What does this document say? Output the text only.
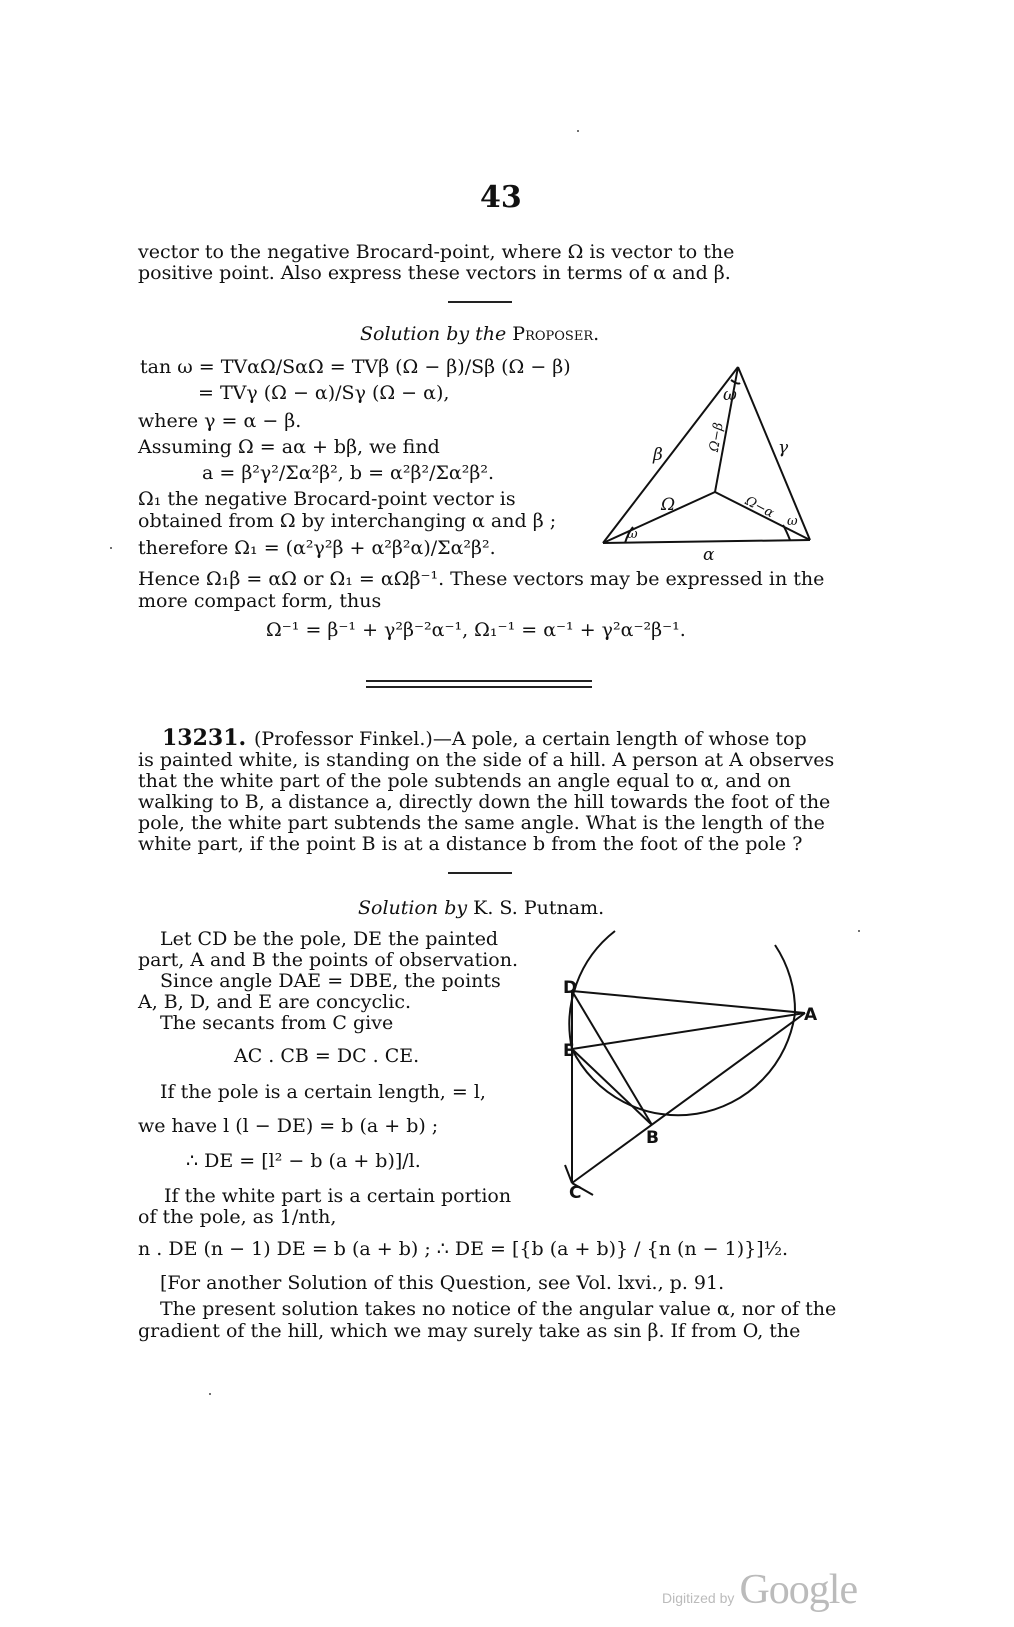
43
vector to the negative Brocard-point, where Ω is vector to the
positive point. Also express these vectors in terms of α and β.
Solution by the Proposer.
tan ω = TVαΩ/SαΩ = TVβ (Ω − β)/Sβ (Ω − β)
= TVγ (Ω − α)/Sγ (Ω − α),
where γ = α − β.
Assuming Ω = aα + bβ, we find
a = β²γ²/Σα²β², b = α²β²/Σα²β².
Ω₁ the negative Brocard-point vector is
obtained from Ω by interchanging α and β ;
therefore Ω₁ = (α²γ²β + α²β²α)/Σα²β².
Hence Ω₁β = αΩ or Ω₁ = αΩβ⁻¹. These vectors may be expressed in the
more compact form, thus
Ω⁻¹ = β⁻¹ + γ²β⁻²α⁻¹, Ω₁⁻¹ = α⁻¹ + γ²α⁻²β⁻¹.
ω
β	γ
α
Ω
Ω−β
Ω−α
ω
ω
13231. (Professor Finkel.)—A pole, a certain length of whose top
is painted white, is standing on the side of a hill. A person at A observes
that the white part of the pole subtends an angle equal to α, and on
walking to B, a distance a, directly down the hill towards the foot of the
pole, the white part subtends the same angle. What is the length of the
white part, if the point B is at a distance b from the foot of the pole ?
Solution by K. S. Putnam.
Let CD be the pole, DE the painted
part, A and B the points of observation.
Since angle DAE = DBE, the points
A, B, D, and E are concyclic.
The secants from C give
AC . CB = DC . CE.
If the pole is a certain length, = l,
we have l (l − DE) = b (a + b) ;
∴ DE = [l² − b (a + b)]/l.
If the white part is a certain portion
of the pole, as 1/nth,
n . DE (n − 1) DE = b (a + b) ; ∴ DE = [{b (a + b)} / {n (n − 1)}]½.
[For another Solution of this Question, see Vol. lxvi., p. 91.
The present solution takes no notice of the angular value α, nor of the
gradient of the hill, which we may surely take as sin β. If from O, the
D
E
A
B
C
Digitized by Google
